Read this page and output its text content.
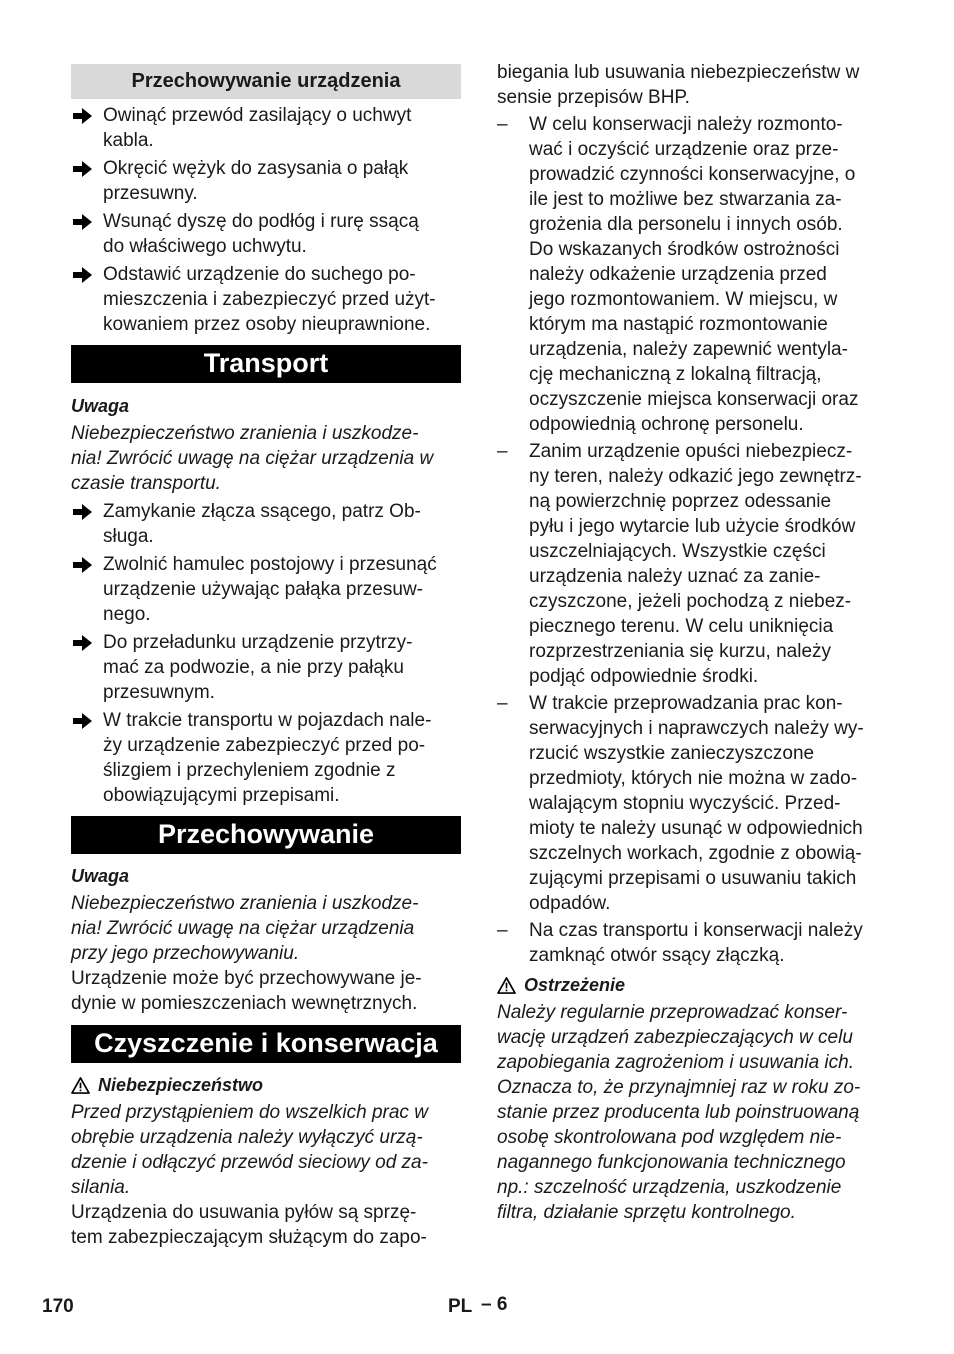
Przechowywanie urządzenia
Owinąć przewód zasilający o uchwyt
kabla.
Okręcić wężyk do zasysania o pałąk
przesuwny.
Wsunąć dyszę do podłóg i rurę ssącą
do właściwego uchwytu.
Odstawić urządzenie do suchego po-
mieszczenia i zabezpieczyć przed użyt-
kowaniem przez osoby nieuprawnione.
Transport
Uwaga
Niebezpieczeństwo zranienia i uszkodze-
nia! Zwrócić uwagę na ciężar urządzenia w
czasie transportu.
Zamykanie złącza ssącego, patrz Ob-
sługa.
Zwolnić hamulec postojowy i przesunąć
urządzenie używając pałąka przesuw-
nego.
Do przeładunku urządzenie przytrzy-
mać za podwozie, a nie przy pałąku
przesuwnym.
W trakcie transportu w pojazdach nale-
ży urządzenie zabezpieczyć przed po-
ślizgiem i przechyleniem zgodnie z
obowiązującymi przepisami.
Przechowywanie
Uwaga
Niebezpieczeństwo zranienia i uszkodze-
nia! Zwrócić uwagę na ciężar urządzenia
przy jego przechowywaniu.
Urządzenie może być przechowywane je-
dynie w pomieszczeniach wewnętrznych.
Czyszczenie i konserwacja
Niebezpieczeństwo
Przed przystąpieniem do wszelkich prac w
obrębie urządzenia należy wyłączyć urzą-
dzenie i odłączyć przewód sieciowy od za-
silania.
Urządzenia do usuwania pyłów są sprzę-
tem zabezpieczającym służącym do zapo-
biegania lub usuwania niebezpieczeństw w
sensie przepisów BHP.
– W celu konserwacji należy rozmonto-
wać i oczyścić urządzenie oraz prze-
prowadzić czynności konserwacyjne, o
ile jest to możliwe bez stwarzania za-
grożenia dla personelu i innych osób.
Do wskazanych środków ostrożności
należy odkażenie urządzenia przed
jego rozmontowaniem. W miejscu, w
którym ma nastąpić rozmontowanie
urządzenia, należy zapewnić wentyla-
cję mechaniczną z lokalną filtracją,
oczyszczenie miejsca konserwacji oraz
odpowiednią ochronę personelu.
– Zanim urządzenie opuści niebezpiecz-
ny teren, należy odkazić jego zewnętrz-
ną powierzchnię poprzez odessanie
pyłu i jego wytarcie lub użycie środków
uszczelniających. Wszystkie części
urządzenia należy uznać za zanie-
czyszczone, jeżeli pochodzą z niebez-
piecznego terenu. W celu uniknięcia
rozprzestrzeniania się kurzu, należy
podjąć odpowiednie środki.
– W trakcie przeprowadzania prac kon-
serwacyjnych i naprawczych należy wy-
rzucić wszystkie zanieczyszczone
przedmioty, których nie można w zado-
walającym stopniu wyczyścić. Przed-
mioty te należy usunąć w odpowiednich
szczelnych workach, zgodnie z obowią-
zującymi przepisami o usuwaniu takich
odpadów.
– Na czas transportu i konserwacji należy
zamknąć otwór ssący złączką.
Ostrzeżenie
Należy regularnie przeprowadzać konser-
wację urządzeń zabezpieczających w celu
zapobiegania zagrożeniom i usuwania ich.
Oznacza to, że przynajmniej raz w roku zo-
stanie przez producenta lub poinstruowaną
osobę skontrolowana pod względem nie-
nagannego funkcjonowania technicznego
np.: szczelność urządzenia, uszkodzenie
filtra, działanie sprzętu kontrolnego.
170	PL – 6
